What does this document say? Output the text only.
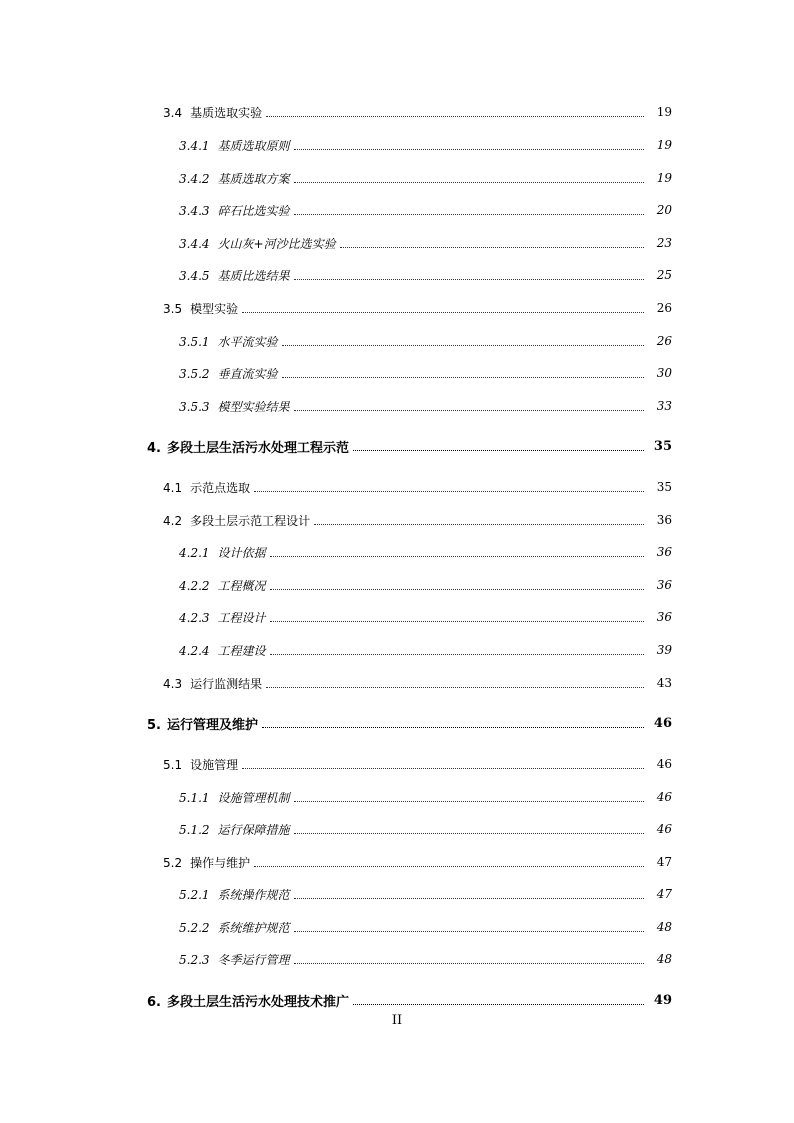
3.4 基质选取实验	19
3.4.1 基质选取原则	19
3.4.2 基质选取方案	19
3.4.3 碎石比选实验	20
3.4.4 火山灰+河沙比选实验	23
3.4.5 基质比选结果	25
3.5 模型实验	26
3.5.1 水平流实验	26
3.5.2 垂直流实验	30
3.5.3 模型实验结果	33
4. 多段土层生活污水处理工程示范	35
4.1 示范点选取	35
4.2 多段土层示范工程设计	36
4.2.1 设计依据	36
4.2.2 工程概况	36
4.2.3 工程设计	36
4.2.4 工程建设	39
4.3 运行监测结果	43
5. 运行管理及维护	46
5.1 设施管理	46
5.1.1 设施管理机制	46
5.1.2 运行保障措施	46
5.2 操作与维护	47
5.2.1 系统操作规范	47
5.2.2 系统维护规范	48
5.2.3 冬季运行管理	48
6. 多段土层生活污水处理技术推广	49
II
